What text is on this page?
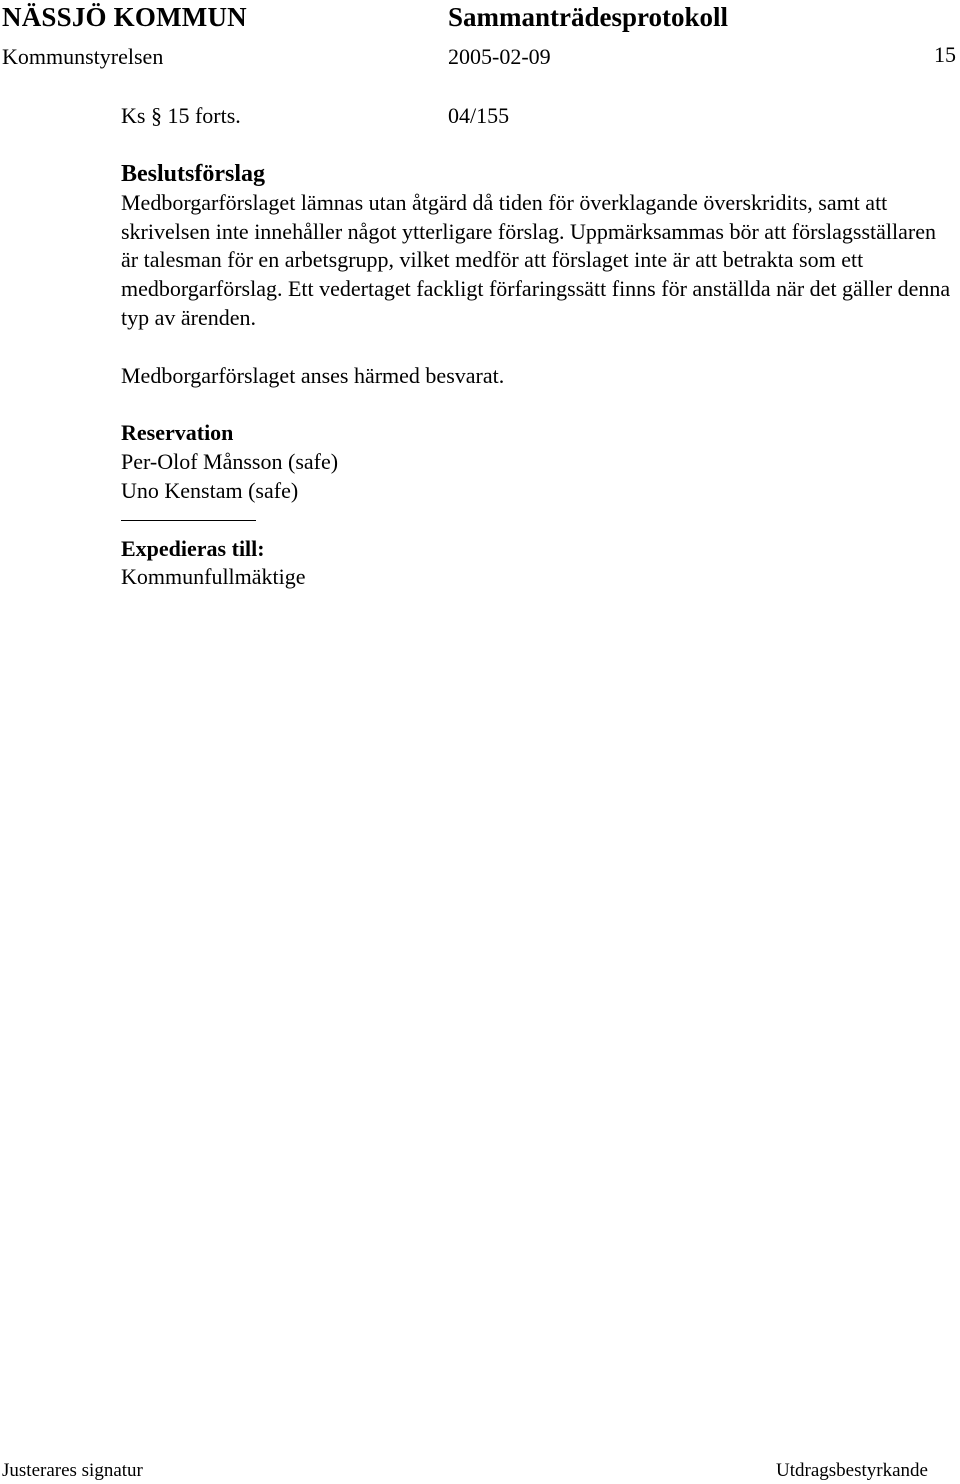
NÄSSJÖ KOMMUN	Sammanträdesprotokoll
Kommunstyrelsen	2005-02-09	15
Ks § 15 forts.	04/155
Beslutsförslag

Medborgarförslaget lämnas utan åtgärd då tiden för överklagande överskridits, samt att skrivelsen inte innehåller något ytterligare förslag. Uppmärksammas bör att förslagsställaren är talesman för en arbetsgrupp, vilket medför att förslaget inte är att betrakta som ett medborgarförslag. Ett vedertaget fackligt förfaringssätt finns för anställda när det gäller denna typ av ärenden.

Medborgarförslaget anses härmed besvarat.

Reservation

Per-Olof Månsson (safe)

Uno Kenstam (safe)

Expedieras till:

Kommunfullmäktige

Justerares signatur	Utdragsbestyrkande
